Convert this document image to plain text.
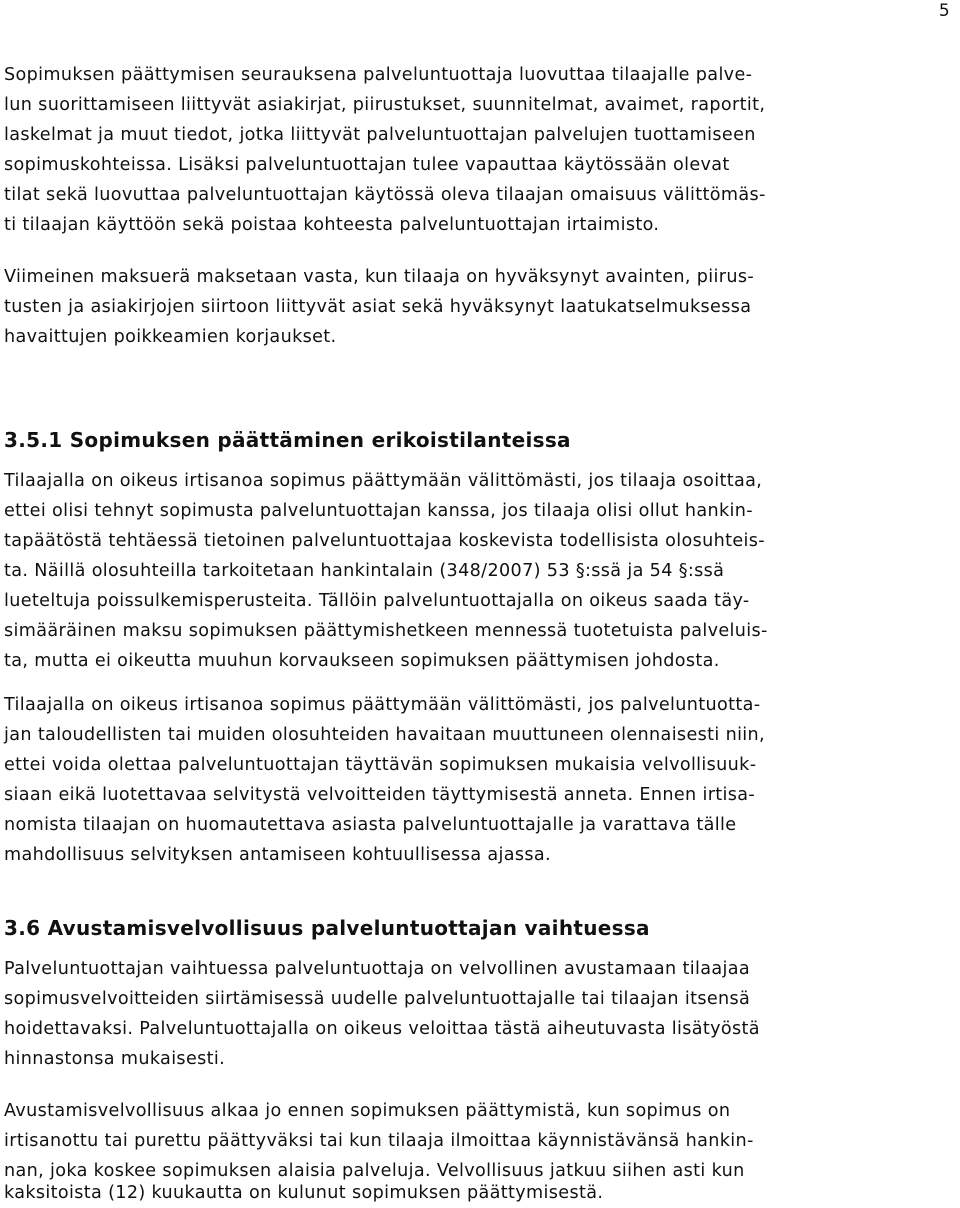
5
Sopimuksen päättymisen seurauksena palveluntuottaja luovuttaa tilaajalle palve-
lun suorittamiseen liittyvät asiakirjat, piirustukset, suunnitelmat, avaimet, raportit,
laskelmat ja muut tiedot, jotka liittyvät palveluntuottajan palvelujen tuottamiseen
sopimuskohteissa. Lisäksi palveluntuottajan tulee vapauttaa käytössään olevat
tilat sekä luovuttaa palveluntuottajan käytössä oleva tilaajan omaisuus välittömäs-
ti tilaajan käyttöön sekä poistaa kohteesta palveluntuottajan irtaimisto.
Viimeinen maksuerä maksetaan vasta, kun tilaaja on hyväksynyt avainten, piirus-
tusten ja asiakirjojen siirtoon liittyvät asiat sekä hyväksynyt laatukatselmuksessa
havaittujen poikkeamien korjaukset.
3.5.1 Sopimuksen päättäminen erikoistilanteissa
Tilaajalla on oikeus irtisanoa sopimus päättymään välittömästi, jos tilaaja osoittaa,
ettei olisi tehnyt sopimusta palveluntuottajan kanssa, jos tilaaja olisi ollut hankin-
tapäätöstä tehtäessä tietoinen palveluntuottajaa koskevista todellisista olosuhteis-
ta. Näillä olosuhteilla tarkoitetaan hankintalain (348/2007) 53 §:ssä ja 54 §:ssä
lueteltuja poissulkemisperusteita. Tällöin palveluntuottajalla on oikeus saada täy-
simääräinen maksu sopimuksen päättymishetkeen mennessä tuotetuista palveluis-
ta, mutta ei oikeutta muuhun korvaukseen sopimuksen päättymisen johdosta.
Tilaajalla on oikeus irtisanoa sopimus päättymään välittömästi, jos palveluntuotta-
jan taloudellisten tai muiden olosuhteiden havaitaan muuttuneen olennaisesti niin,
ettei voida olettaa palveluntuottajan täyttävän sopimuksen mukaisia velvollisuuk-
siaan eikä luotettavaa selvitystä velvoitteiden täyttymisestä anneta. Ennen irtisa-
nomista tilaajan on huomautettava asiasta palveluntuottajalle ja varattava tälle
mahdollisuus selvityksen antamiseen kohtuullisessa ajassa.
3.6 Avustamisvelvollisuus palveluntuottajan vaihtuessa
Palveluntuottajan vaihtuessa palveluntuottaja on velvollinen avustamaan tilaajaa
sopimusvelvoitteiden siirtämisessä uudelle palveluntuottajalle tai tilaajan itsensä
hoidettavaksi. Palveluntuottajalla on oikeus veloittaa tästä aiheutuvasta lisätyöstä
hinnastonsa mukaisesti.
Avustamisvelvollisuus alkaa jo ennen sopimuksen päättymistä, kun sopimus on
irtisanottu tai purettu päättyväksi tai kun tilaaja ilmoittaa käynnistävänsä hankin-
nan, joka koskee sopimuksen alaisia palveluja. Velvollisuus jatkuu siihen asti kun
kaksitoista (12) kuukautta on kulunut sopimuksen päättymisestä.
